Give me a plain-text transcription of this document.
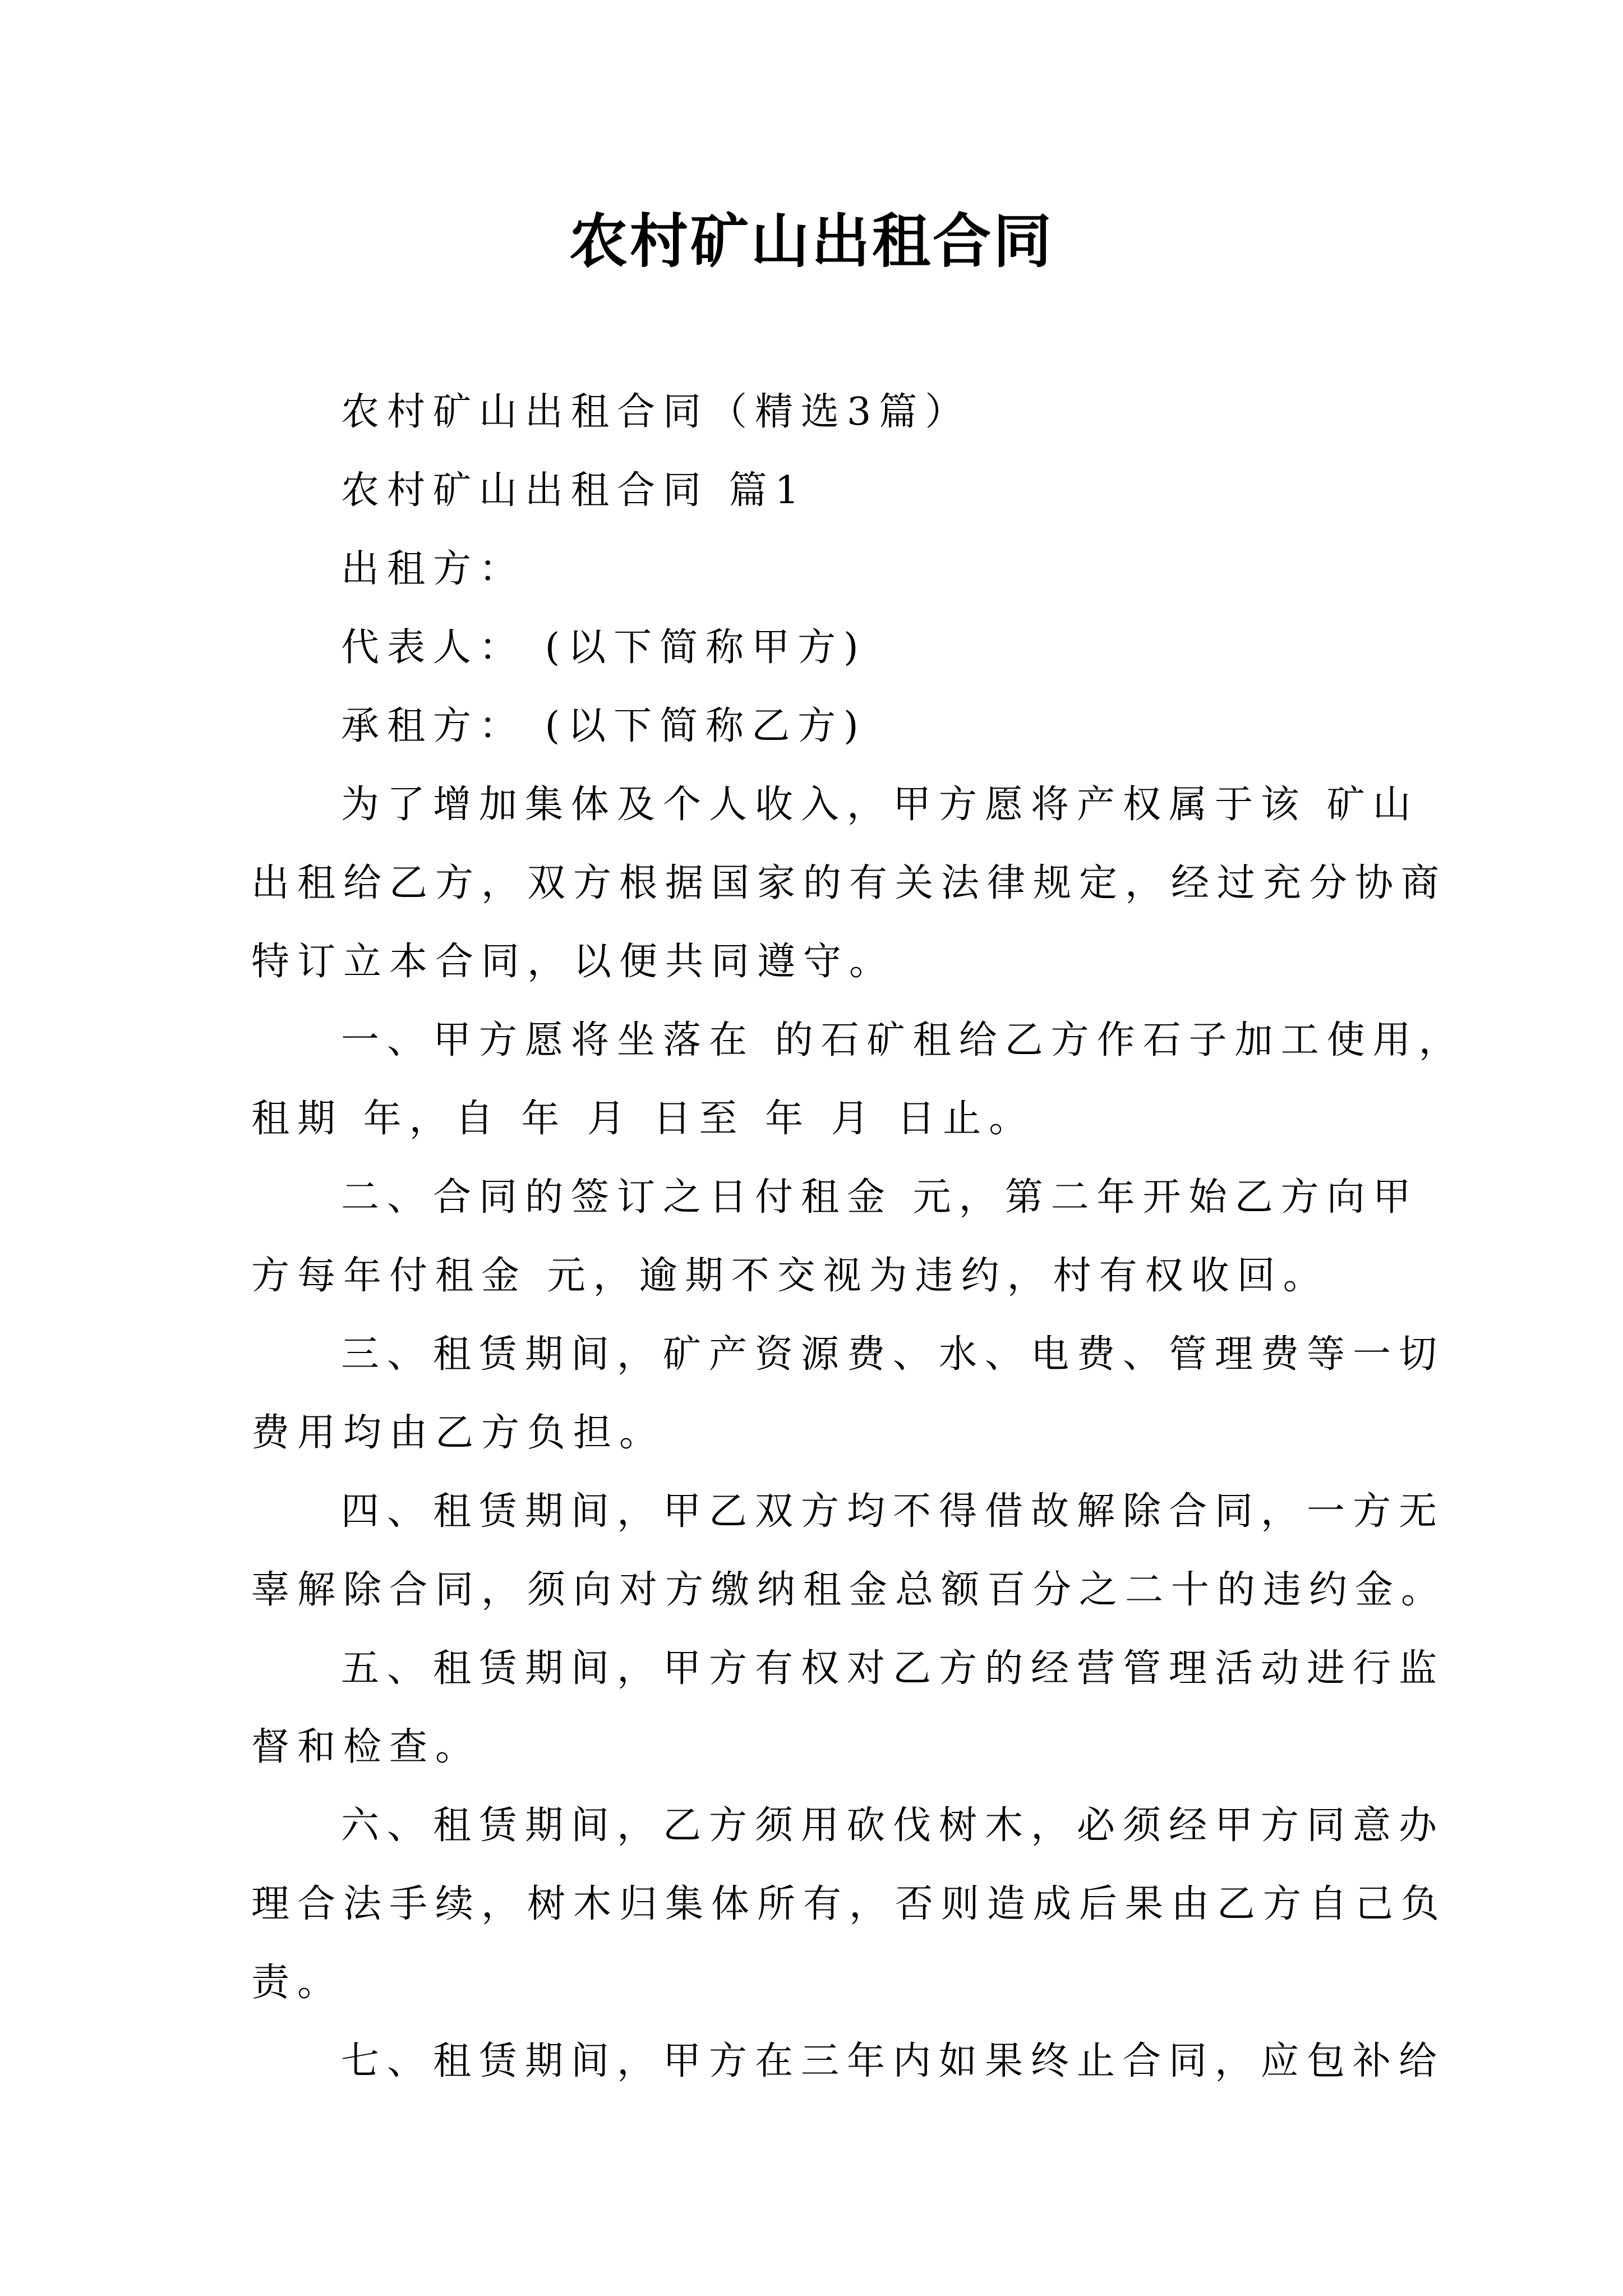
农村矿山出租合同
农村矿山出租合同（精选3篇）
农村矿山出租合同 篇1
出租方：
代表人： (以下简称甲方)
承租方： (以下简称乙方)
为了增加集体及个人收入，甲方愿将产权属于该 矿山
出租给乙方，双方根据国家的有关法律规定，经过充分协商
特订立本合同，以便共同遵守。
一、甲方愿将坐落在 的石矿租给乙方作石子加工使用，
租期 年，自 年 月 日至 年 月 日止。
二、合同的签订之日付租金 元，第二年开始乙方向甲
方每年付租金 元，逾期不交视为违约，村有权收回。
三、租赁期间，矿产资源费、水、电费、管理费等一切
费用均由乙方负担。
四、租赁期间，甲乙双方均不得借故解除合同，一方无
辜解除合同，须向对方缴纳租金总额百分之二十的违约金。
五、租赁期间，甲方有权对乙方的经营管理活动进行监
督和检查。
六、租赁期间，乙方须用砍伐树木，必须经甲方同意办
理合法手续，树木归集体所有，否则造成后果由乙方自己负
责。
七、租赁期间，甲方在三年内如果终止合同，应包补给
